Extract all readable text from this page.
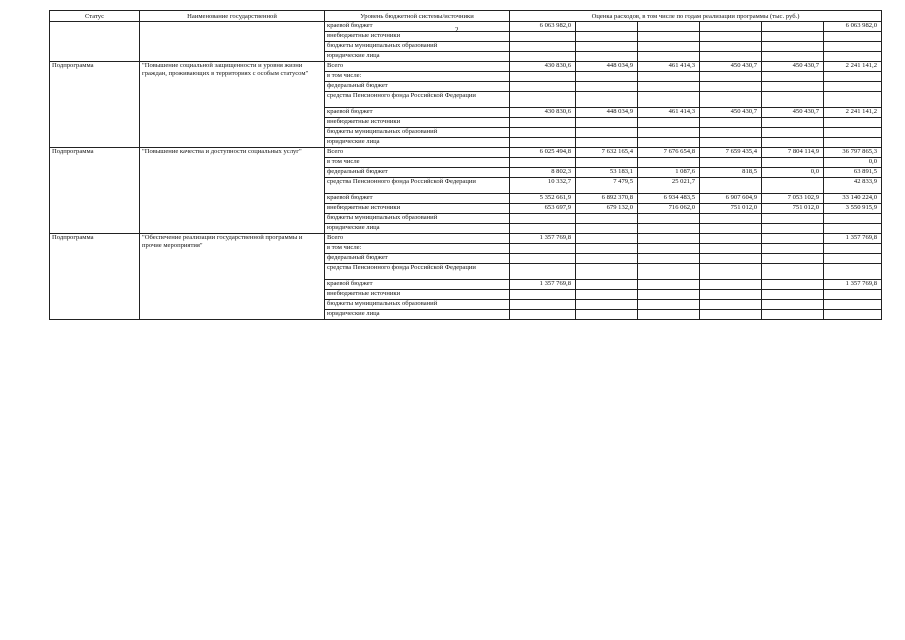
Статус	Наименование государственной	Уровень бюджетной системы/источники	Оценка расходов, в том числе по годам реализации программы (тыс. руб.)					
		краевой бюджет	6 063 982,0					6 063 982,0
		внебюджетные источники						
		бюджеты муниципальных образований						
		юридические лица						
Подпрограмма	"Повышение социальной защищенности и уровня жизни граждан, проживающих в территориях с особым статусом"	Всего	430 830,6	448 034,9	461 414,3	450 430,7	450 430,7	2 241 141,2
		в том числе:						
		федеральный бюджет						
		средства Пенсионного фонда Российской Федерации						
		краевой бюджет	430 830,6	448 034,9	461 414,3	450 430,7	450 430,7	2 241 141,2
		внебюджетные источники						
		бюджеты муниципальных образований						
		юридические лица						
Подпрограмма	"Повышение качества и доступности социальных услуг"	Всего	6 025 494,8	7 632 165,4	7 676 654,8	7 659 435,4	7 804 114,9	36 797 865,3
		в том числе						0,0
		федеральный бюджет	8 802,3	53 183,1	1 087,6	818,5	0,0	63 891,5
		средства Пенсионного фонда Российской Федерации	10 332,7	7 479,5	25 021,7			42 833,9
		краевой бюджет	5 352 661,9	6 892 370,8	6 934 483,5	6 907 604,9	7 053 102,9	33 140 224,0
		внебюджетные источники	653 697,9	679 132,0	716 062,0	751 012,0	751 012,0	3 550 915,9
		бюджеты муниципальных образований						
		юридические лица						
Подпрограмма	"Обеспечение реализации государственной программы и прочие мероприятия"	Всего	1 357 769,8					1 357 769,8
		в том числе:						
		федеральный бюджет						
		средства Пенсионного фонда Российской Федерации						
		краевой бюджет	1 357 769,8					1 357 769,8
		внебюджетные источники						
		бюджеты муниципальных образований						
		юридические лица						
2
